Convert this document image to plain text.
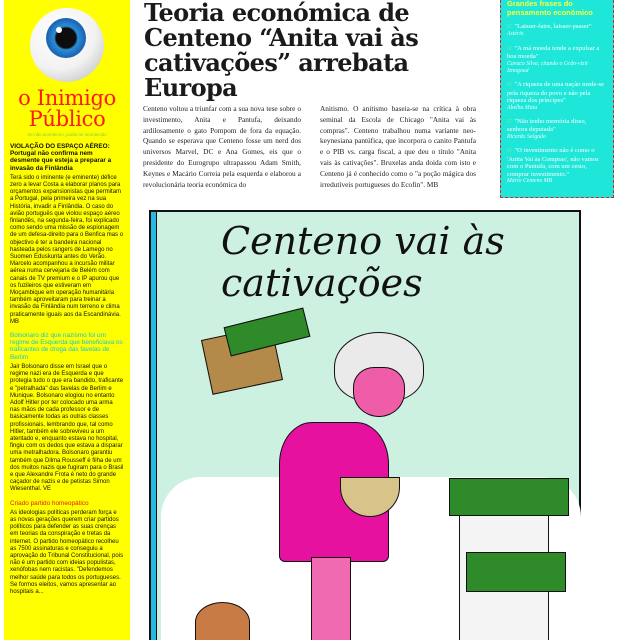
o Inimigo
Público
Se não aconteceu, podia ter acontecido
VIOLAÇÃO DO ESPAÇO AÉREO: Portugal não confirma nem desmente que esteja a preparar a invasão da Finlândia
Terá sido o iminente (e eminente) défice zero a levar Costa a elaborar planos para orçamentos expansionistas que permitam a Portugal, pela primeira vez na sua História, invadir a Finlândia. O caso do avião português que violou espaço aéreo finlandês, na segunda-feira, foi explicado como sendo uma missão de espionagem de um defesa-direito para o Benfica mas o objectivo é ter a bandeira nacional hasteada pelos rangers de Lamego no Suomen Eduskunta antes do Verão. Marcelo acompanhou a incursão militar aérea numa cervejaria de Belém com canais de TV premium e o IP apurou que os fuzileiros que estiveram em Moçambique em operação humanitária também aproveitaram para treinar a invasão da Finlândia num terreno e clima praticamente iguais aos da Escandinávia. MB
Bolsonaro diz que nazismo foi um regime de Esquerda que beneficiava os traficantes de droga das favelas de Berlim
Jair Bolsonaro disse em Israel que o regime nazi era de Esquerda e que protegia tudo o que era bandido, traficante e "petralhada" das favelas de Berlim e Munique. Bolsonaro elogiou no entanto Adolf Hitler por ter colocado uma arma nas mãos de cada professor e de basicamente todas as outras classes profissionais, lembrando que, tal como Hitler, também ele sobreviveu a um atentado e, enquanto estava no hospital, fingiu com os dedos que estava a disparar uma metralhadora. Bolsonaro garantiu também que Dilma Rousseff é filha de um dos muitos nazis que fugiram para o Brasil e que Alexandre Frota é neto do grande caçador de nazis e de petistas Simon Wiesenthal. VE
Criado partido homeopático
As ideologias políticas perderam força e as novas gerações querem criar partidos políticos para defender as suas crenças em teorias da conspiração e tretas da internet. O partido homeopático recolheu as 7500 assinaturas e conseguiu a aprovação do Tribunal Constitucional, pois não é um partido com ideias populistas, xenófobas nem racistas. "Defendemos melhor saúde para todos os portugueses. Se formos eleitos, vamos apresentar ao hospitais a...
Teoria económica de Centeno “Anita vai às cativações” arrebata Europa

Centeno voltou a triunfar com a sua nova tese sobre o investimento, Anita e Pantufa, deixando ardilosamente o gato Pompom de fora da equação. Quando se esperava que Centeno fosse um nerd dos universos Marvel, DC e Ana Gomes, eis que o presidente do Eurogrupo ultrapassou Adam Smith, Keynes e Macário Correia pela esquerda e elaborou a revolucionária teoria económica do

Anitismo. O anitismo baseia-se na crítica à obra seminal da Escola de Chicago "Anita vai às compras". Centeno trabalhou numa variante neo-keynesiana pantúfica, que incorpora o canito Pantufa e o PIB vs. carga fiscal, a que deu o título "Anita vais às cativações". Bruxelas anda doida com isto e Centeno já é conhecido como o "a poção mágica dos irredutíveis portugueses do Ecofin". MB

Grandes frases do pensamento económico
☞ "Laisser-faire, laisser-passer"
Astérix
☞ "A má moeda tende a expulsar a boa moeda"
Cavaco Silva, citando o Grão-vizir Iznogoud
☞ "A riqueza de uma nação mede-se pela riqueza do povo e não pela riqueza dos príncipes"
Abelha Maia
☞ "Não tenho memória disso, senhora deputada"
Ricardo Salgado
☞ "O investimento não é como o 'Anita Vai às Compras', não vamos com o Pantufa, com um cesto, comprar investimento."
Mário Centeno MB
Centeno vai às cativações
